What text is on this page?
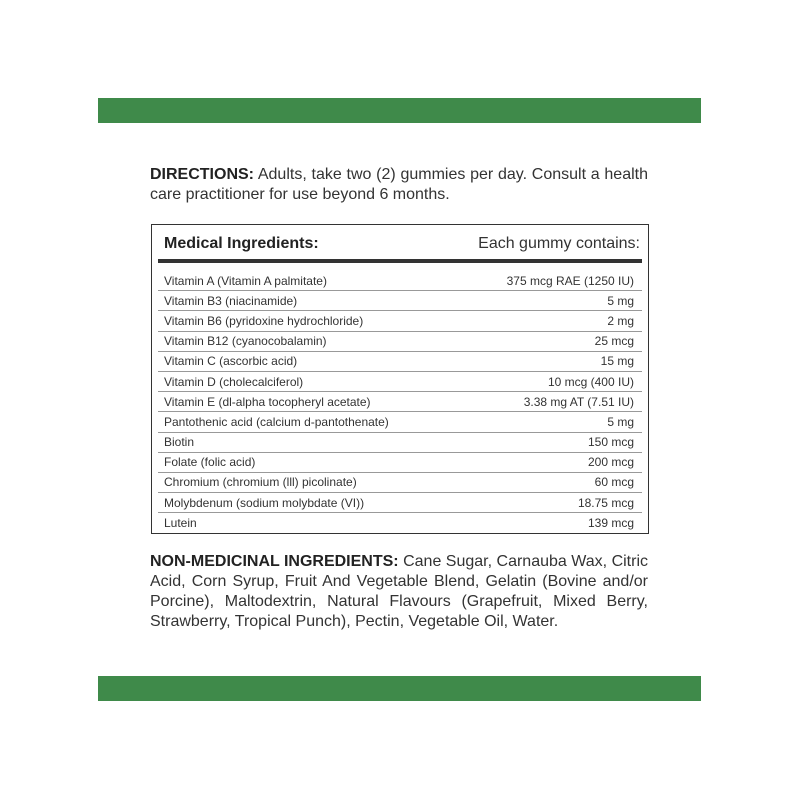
DIRECTIONS: Adults, take two (2) gummies per day. Consult a health care practitioner for use beyond 6 months.
Medical Ingredients:	Each gummy contains:
Vitamin A (Vitamin A palmitate)	375 mcg RAE (1250 IU)
Vitamin B3 (niacinamide)	5 mg
Vitamin B6 (pyridoxine hydrochloride)	2 mg
Vitamin B12 (cyanocobalamin)	25 mcg
Vitamin C (ascorbic acid)	15 mg
Vitamin D (cholecalciferol)	10 mcg (400 IU)
Vitamin E (dl-alpha tocopheryl acetate)	3.38 mg AT (7.51 IU)
Pantothenic acid (calcium d-pantothenate)	5 mg
Biotin	150 mcg
Folate (folic acid)	200 mcg
Chromium (chromium (lll) picolinate)	60 mcg
Molybdenum (sodium molybdate (VI))	18.75 mcg
Lutein	139 mcg
NON-MEDICINAL INGREDIENTS: Cane Sugar, Carnauba Wax, Citric Acid, Corn Syrup, Fruit And Vegetable Blend, Gelatin (Bovine and/or Porcine), Maltodextrin, Natural Flavours (Grapefruit, Mixed Berry, Strawberry, Tropical Punch), Pectin, Vegetable Oil, Water.
